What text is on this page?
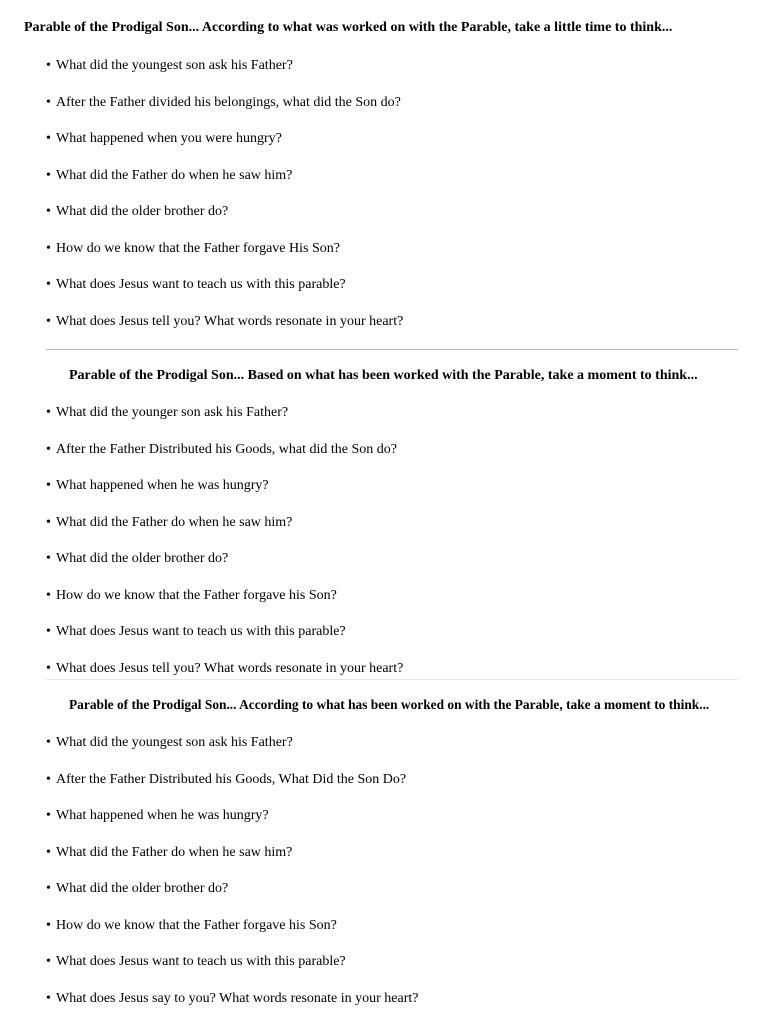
Parable of the Prodigal Son... According to what was worked on with the Parable, take a little time to think...

• What did the youngest son ask his Father?
• After the Father divided his belongings, what did the Son do?
• What happened when you were hungry?
• What did the Father do when he saw him?
• What did the older brother do?
• How do we know that the Father forgave His Son?
• What does Jesus want to teach us with this parable?
• What does Jesus tell you? What words resonate in your heart?

Parable of the Prodigal Son... Based on what has been worked with the Parable, take a moment to think...

• What did the younger son ask his Father?
• After the Father Distributed his Goods, what did the Son do?
• What happened when he was hungry?
• What did the Father do when he saw him?
• What did the older brother do?
• How do we know that the Father forgave his Son?
• What does Jesus want to teach us with this parable?
• What does Jesus tell you? What words resonate in your heart?

Parable of the Prodigal Son... According to what has been worked on with the Parable, take a moment to think...

• What did the youngest son ask his Father?
• After the Father Distributed his Goods, What Did the Son Do?
• What happened when he was hungry?
• What did the Father do when he saw him?
• What did the older brother do?
• How do we know that the Father forgave his Son?
• What does Jesus want to teach us with this parable?
• What does Jesus say to you? What words resonate in your heart?
